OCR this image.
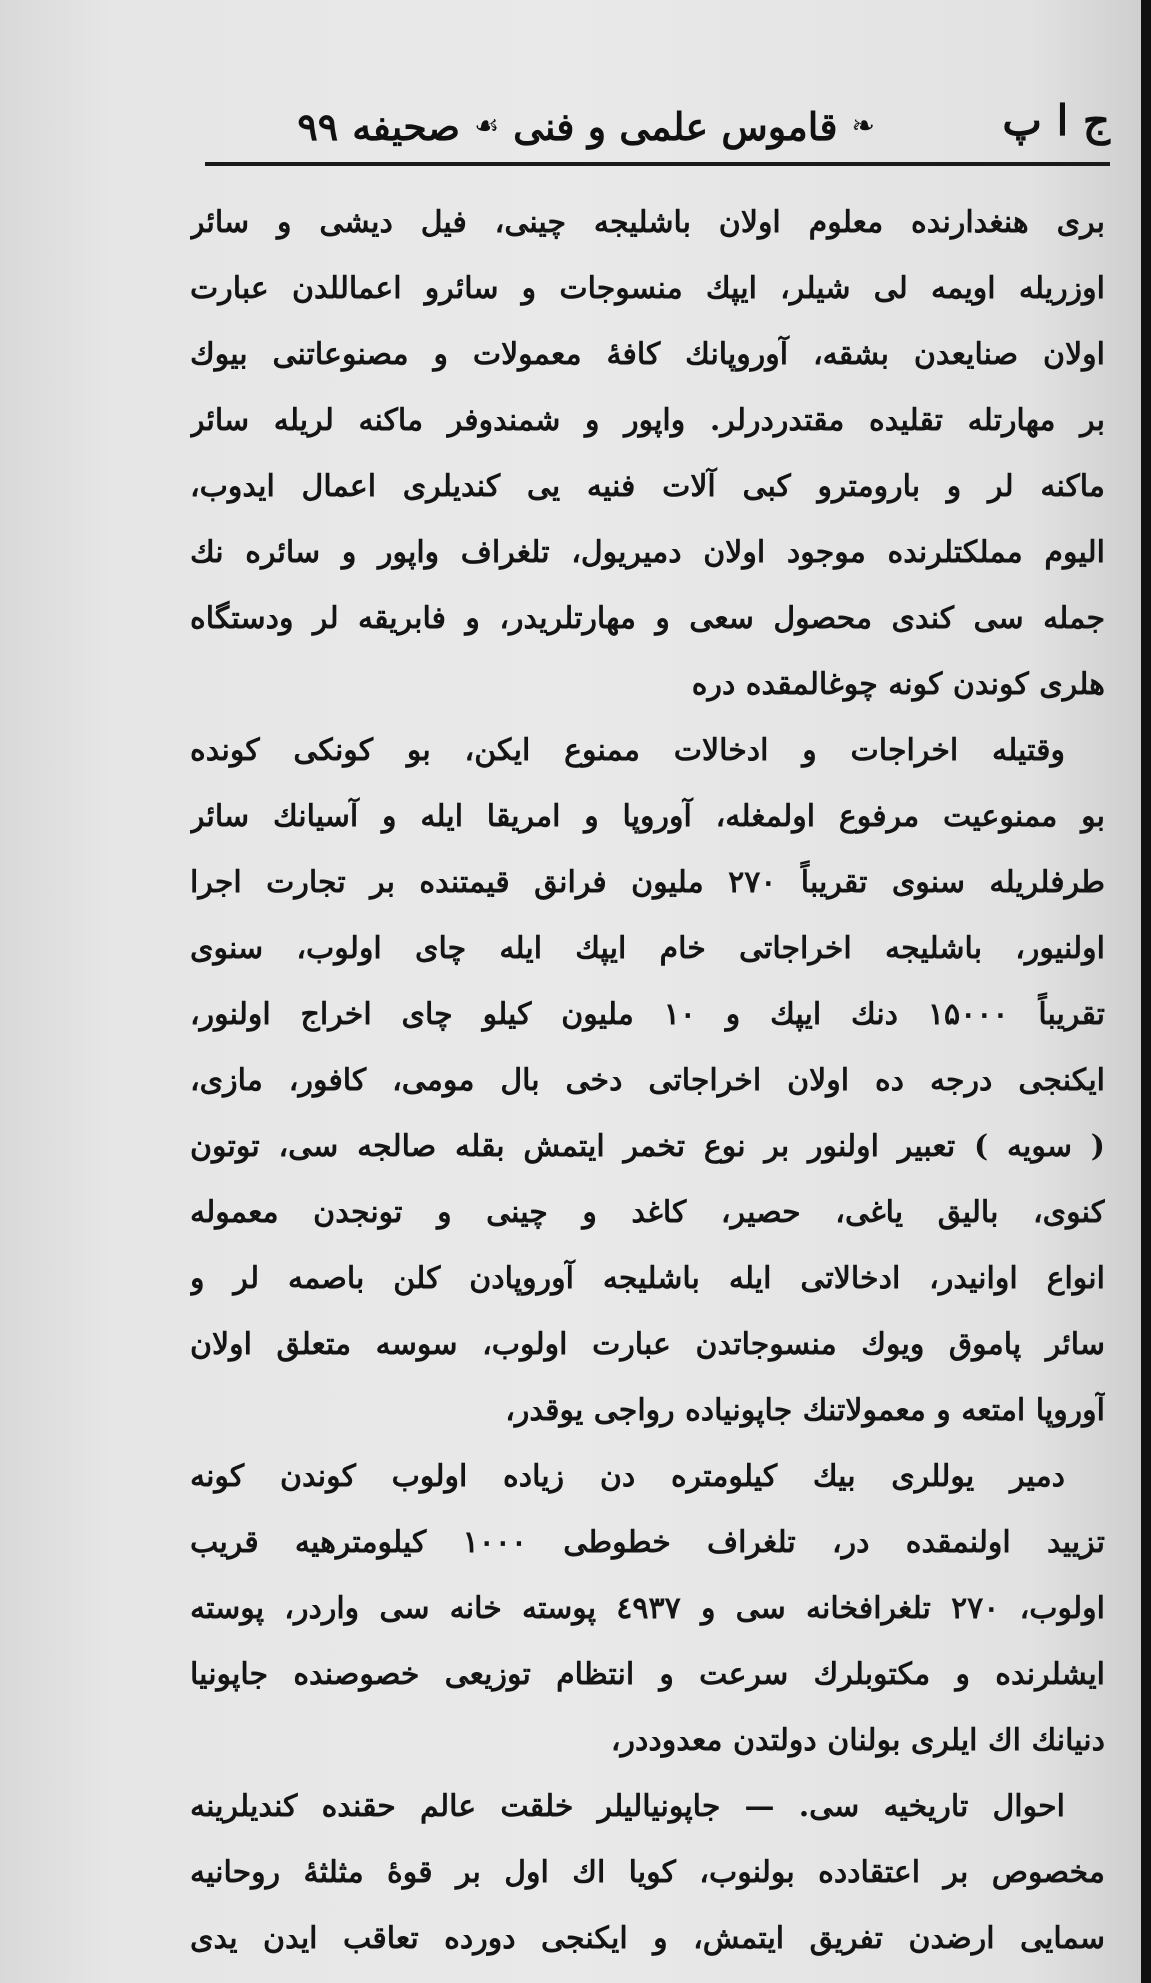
ج ا پ
❧
قاموس علمى و فنى
☙
صحيفه
۹۹
برى هنغدارنده معلوم اولان باشليجه چينى، فيل ديشى و سائر
اوزريله اويمه لى شيلر، ايپك منسوجات و سائرو اعماللدن عبارت
اولان صنايعدن بشقه، آوروپانك كافهٔ معمولات و مصنوعاتنى بيوك
بر مهارتله تقليده مقتدردرلر. واپور و شمندوفر ماكنه لريله سائر
ماكنه لر و بارومترو كبى آلات فنيه يى كنديلرى اعمال ايدوب،
اليوم مملكتلرنده موجود اولان دميريول، تلغراف واپور و سائره نك
جمله سى كندى محصول سعى و مهارتلريدر، و فابريقه لر ودستگاه
هلرى كوندن كونه چوغالمقده دره
وقتيله اخراجات و ادخالات ممنوع ايكن، بو كونكى كونده
بو ممنوعيت مرفوع اولمغله، آوروپا و امريقا ايله و آسيانك سائر
طرفلريله سنوى تقريباً ۲۷۰ مليون فرانق قيمتنده بر تجارت اجرا
اولنيور، باشليجه اخراجاتى خام ايپك ايله چاى اولوب، سنوى
تقريباً ۱۵۰۰۰ دنك ايپك و ۱۰ مليون كيلو چاى اخراج اولنور،
ايكنجى درجه ده اولان اخراجاتى دخى بال مومى، كافور، مازى،
( سويه ) تعبير اولنور بر نوع تخمر ايتمش بقله صالجه سى، توتون
كنوى، باليق ياغى، حصير، كاغد و چينى و تونجدن معموله
انواع اوانيدر، ادخالاتى ايله باشليجه آوروپادن كلن باصمه لر و
سائر پاموق ويوك منسوجاتدن عبارت اولوب، سوسه متعلق اولان
آوروپا امتعه و معمولاتنك جاپونياده رواجى يوقدر،
دمير يوللرى بيك كيلومتره دن زياده اولوب كوندن كونه
تزييد اولنمقده در، تلغراف خطوطى ۱۰۰۰ كيلومترهيه قريب
اولوب، ۲۷۰ تلغرافخانه سى و ٤۹۳۷ پوسته خانه سى واردر، پوسته
ايشلرنده و مكتوبلرك سرعت و انتظام توزيعى خصوصنده جاپونيا
دنيانك اك ايلرى بولنان دولتدن معدوددر،
احوال تاريخيه سى. — جاپونياليلر خلقت عالم حقنده كنديلرينه
مخصوص بر اعتقادده بولنوب، كويا اك اول بر قوهٔ مثلثهٔ روحانيه
سمايى ارضدن تفريق ايتمش، و ايكنجى دورده تعاقب ايدن يدى
